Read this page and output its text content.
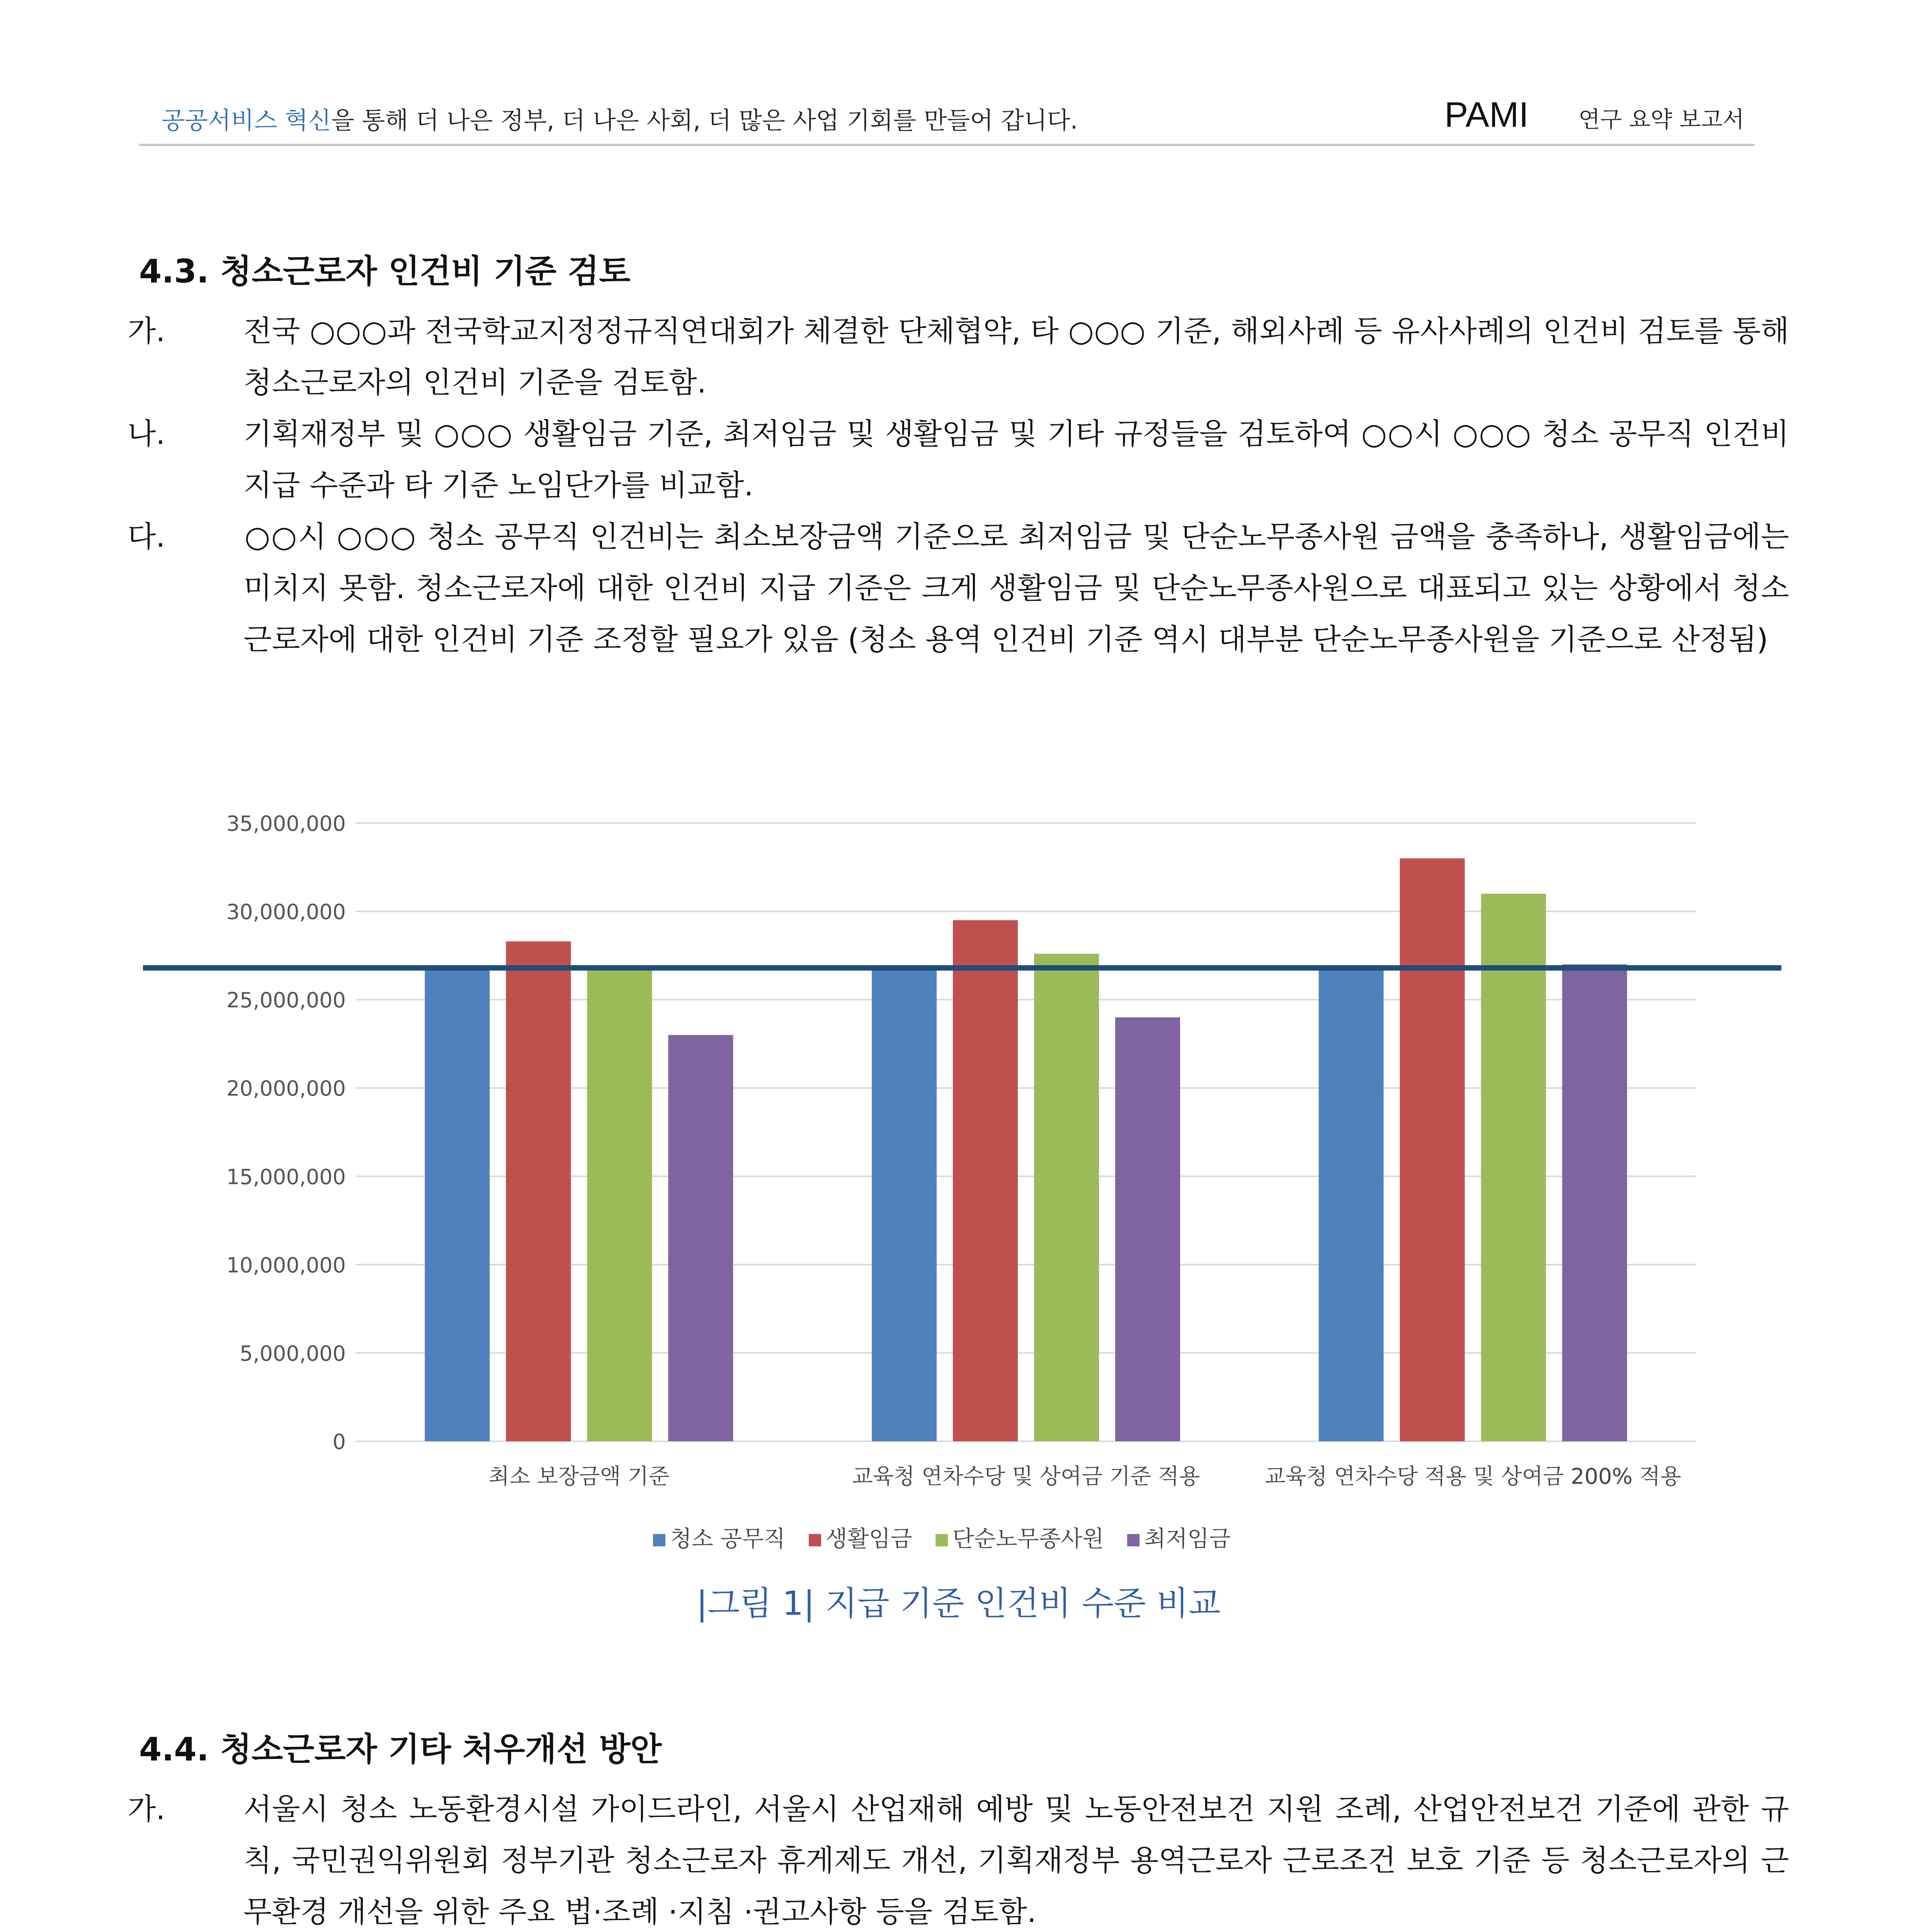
공공서비스 혁신을 통해 더 나은 정부, 더 나은 사회, 더 많은 사업 기회를 만들어 갑니다.	PAMI 연구 요약 보고서
4.3. 청소근로자 인건비 기준 검토
가.	전국 ○○○과 전국학교지정정규직연대회가 체결한 단체협약, 타 ○○○ 기준, 해외사례 등 유사사례의 인건비 검토를 통해 청소근로자의 인건비 기준을 검토함.
나.	기획재정부 및 ○○○ 생활임금 기준, 최저임금 및 생활임금 및 기타 규정들을 검토하여 ○○시 ○○○ 청소 공무직 인건비 지급 수준과 타 기준 노임단가를 비교함.
다.	○○시 ○○○ 청소 공무직 인건비는 최소보장금액 기준으로 최저임금 및 단순노무종사원 금액을 충족하나, 생활임금에는 미치지 못함. 청소근로자에 대한 인건비 지급 기준은 크게 생활임금 및 단순노무종사원으로 대표되고 있는 상황에서 청소 근로자에 대한 인건비 기준 조정할 필요가 있음 (청소 용역 인건비 기준 역시 대부분 단순노무종사원을 기준으로 산정됨)
0
5,000,000
10,000,000
15,000,000
20,000,000
25,000,000
30,000,000
35,000,000
최소 보장금액 기준	교육청 연차수당 및 상여금 기준 적용	교육청 연차수당 적용 및 상여금 200% 적용
청소 공무직 생활임금 단순노무종사원 최저임금
|그림 1| 지급 기준 인건비 수준 비교
4.4. 청소근로자 기타 처우개선 방안
가.	서울시 청소 노동환경시설 가이드라인, 서울시 산업재해 예방 및 노동안전보건 지원 조례, 산업안전보건 기준에 관한 규칙, 국민권익위원회 정부기관 청소근로자 휴게제도 개선, 기획재정부 용역근로자 근로조건 보호 기준 등 청소근로자의 근무환경 개선을 위한 주요 법·조례 ·지침 ·권고사항 등을 검토함.
